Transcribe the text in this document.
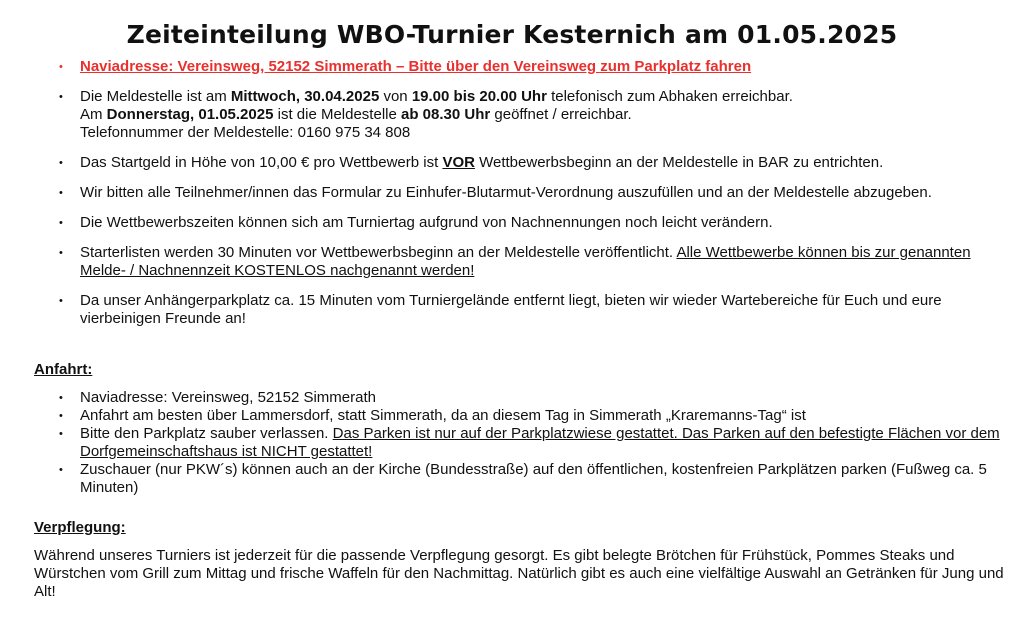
Zeiteinteilung WBO-Turnier Kesternich am 01.05.2025
• Naviadresse: Vereinsweg, 52152 Simmerath – Bitte über den Vereinsweg zum Parkplatz fahren
• Die Meldestelle ist am Mittwoch, 30.04.2025 von 19.00 bis 20.00 Uhr telefonisch zum Abhaken erreichbar.
Am Donnerstag, 01.05.2025 ist die Meldestelle ab 08.30 Uhr geöffnet / erreichbar.
Telefonnummer der Meldestelle: 0160 975 34 808
• Das Startgeld in Höhe von 10,00 € pro Wettbewerb ist VOR Wettbewerbsbeginn an der Meldestelle in BAR zu entrichten.
• Wir bitten alle Teilnehmer/innen das Formular zu Einhufer-Blutarmut-Verordnung auszufüllen und an der Meldestelle abzugeben.
• Die Wettbewerbszeiten können sich am Turniertag aufgrund von Nachnennungen noch leicht verändern.
• Starterlisten werden 30 Minuten vor Wettbewerbsbeginn an der Meldestelle veröffentlicht. Alle Wettbewerbe können bis zur genannten Melde- / Nachnennzeit KOSTENLOS nachgenannt werden!
• Da unser Anhängerparkplatz ca. 15 Minuten vom Turniergelände entfernt liegt, bieten wir wieder Wartebereiche für Euch und eure vierbeinigen Freunde an!
Anfahrt:
• Naviadresse: Vereinsweg, 52152 Simmerath
• Anfahrt am besten über Lammersdorf, statt Simmerath, da an diesem Tag in Simmerath „Kraremanns-Tag“ ist
• Bitte den Parkplatz sauber verlassen. Das Parken ist nur auf der Parkplatzwiese gestattet. Das Parken auf den befestigte Flächen vor dem Dorfgemeinschaftshaus ist NICHT gestattet!
• Zuschauer (nur PKW´s) können auch an der Kirche (Bundesstraße) auf den öffentlichen, kostenfreien Parkplätzen parken (Fußweg ca. 5 Minuten)
Verpflegung:
Während unseres Turniers ist jederzeit für die passende Verpflegung gesorgt. Es gibt belegte Brötchen für Frühstück, Pommes Steaks und Würstchen vom Grill zum Mittag und frische Waffeln für den Nachmittag. Natürlich gibt es auch eine vielfältige Auswahl an Getränken für Jung und Alt!
